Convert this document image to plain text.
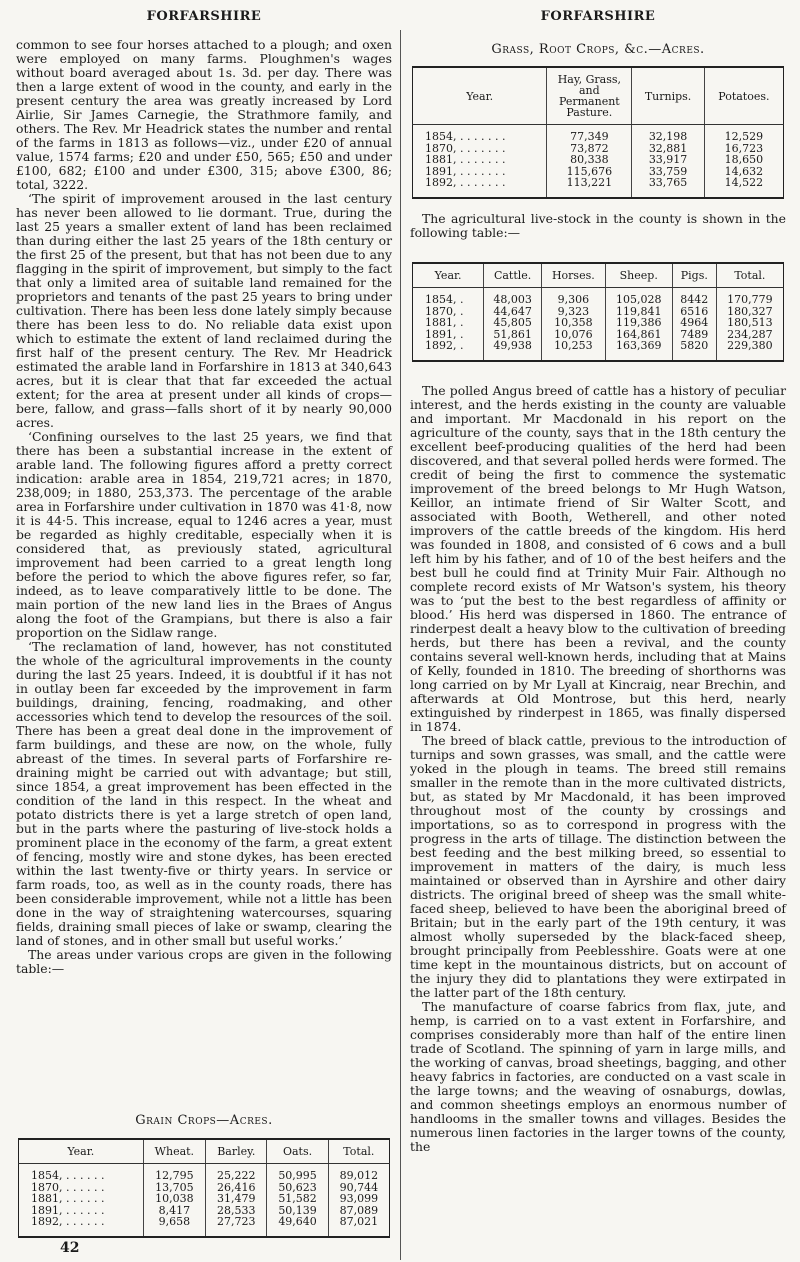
FORFARSHIRE	FORFARSHIRE

common to see four horses attached to a plough; and oxen were employed on many farms. Ploughmen's wages without board averaged about 1s. 3d. per day. There was then a large extent of wood in the county, and early in the present century the area was greatly increased by Lord Airlie, Sir James Carnegie, the Strathmore family, and others. The Rev. Mr Headrick states the number and rental of the farms in 1813 as follows—viz., under £20 of annual value, 1574 farms; £20 and under £50, 565; £50 and under £100, 682; £100 and under £300, 315; above £300, 86; total, 3222.

‘The spirit of improvement aroused in the last century has never been allowed to lie dormant. True, during the last 25 years a smaller extent of land has been reclaimed than during either the last 25 years of the 18th century or the first 25 of the present, but that has not been due to any flagging in the spirit of improvement, but simply to the fact that only a limited area of suitable land remained for the proprietors and tenants of the past 25 years to bring under cultivation. There has been less done lately simply because there has been less to do. No reliable data exist upon which to estimate the extent of land reclaimed during the first half of the present century. The Rev. Mr Headrick estimated the arable land in Forfarshire in 1813 at 340,643 acres, but it is clear that that far exceeded the actual extent; for the area at present under all kinds of crops—bere, fallow, and grass—falls short of it by nearly 90,000 acres.

‘Confining ourselves to the last 25 years, we find that there has been a substantial increase in the extent of arable land. The following figures afford a pretty correct indication: arable area in 1854, 219,721 acres; in 1870, 238,009; in 1880, 253,373. The percentage of the arable area in Forfarshire under cultivation in 1870 was 41·8, now it is 44·5. This increase, equal to 1246 acres a year, must be regarded as highly creditable, especially when it is considered that, as previously stated, agricultural improvement had been carried to a great length long before the period to which the above figures refer, so far, indeed, as to leave comparatively little to be done. The main portion of the new land lies in the Braes of Angus along the foot of the Grampians, but there is also a fair proportion on the Sidlaw range.

‘The reclamation of land, however, has not constituted the whole of the agricultural improvements in the county during the last 25 years. Indeed, it is doubtful if it has not in outlay been far exceeded by the improvement in farm buildings, draining, fencing, roadmaking, and other accessories which tend to develop the resources of the soil. There has been a great deal done in the improvement of farm buildings, and these are now, on the whole, fully abreast of the times. In several parts of Forfarshire re-draining might be carried out with advantage; but still, since 1854, a great improvement has been effected in the condition of the land in this respect. In the wheat and potato districts there is yet a large stretch of open land, but in the parts where the pasturing of live-stock holds a prominent place in the economy of the farm, a great extent of fencing, mostly wire and stone dykes, has been erected within the last twenty-five or thirty years. In service or farm roads, too, as well as in the county roads, there has been considerable improvement, while not a little has been done in the way of straightening watercourses, squaring fields, draining small pieces of lake or swamp, clearing the land of stones, and in other small but useful works.’

The areas under various crops are given in the following table:—

Grain Crops—Acres.

Year.	Wheat.	Barley.	Oats.	Total.
1854, . . . . . .	12,795	25,222	50,995	89,012
1870, . . . . . .	13,705	26,416	50,623	90,744
1881, . . . . . .	10,038	31,479	51,582	93,099
1891, . . . . . .	8,417	28,533	50,139	87,089
1892, . . . . . .	9,658	27,723	49,640	87,021

Grass, Root Crops, &c.—Acres.

Year.	Hay, Grass, and Permanent Pasture.	Turnips.	Potatoes.
1854, . . . . . . .	77,349	32,198	12,529
1870, . . . . . . .	73,872	32,881	16,723
1881, . . . . . . .	80,338	33,917	18,650
1891, . . . . . . .	115,676	33,759	14,632
1892, . . . . . . .	113,221	33,765	14,522

The agricultural live-stock in the county is shown in the following table:—

Year.	Cattle.	Horses.	Sheep.	Pigs.	Total.
1854, .	48,003	9,306	105,028	8442	170,779
1870, .	44,647	9,323	119,841	6516	180,327
1881, .	45,805	10,358	119,386	4964	180,513
1891, .	51,861	10,076	164,861	7489	234,287
1892, .	49,938	10,253	163,369	5820	229,380

The polled Angus breed of cattle has a history of peculiar interest, and the herds existing in the county are valuable and important. Mr Macdonald in his report on the agriculture of the county, says that in the 18th century the excellent beef-producing qualities of the herd had been discovered, and that several polled herds were formed. The credit of being the first to commence the systematic improvement of the breed belongs to Mr Hugh Watson, Keillor, an intimate friend of Sir Walter Scott, and associated with Booth, Wetherell, and other noted improvers of the cattle breeds of the kingdom. His herd was founded in 1808, and consisted of 6 cows and a bull left him by his father, and of 10 of the best heifers and the best bull he could find at Trinity Muir Fair. Although no complete record exists of Mr Watson's system, his theory was to ‘put the best to the best regardless of affinity or blood.’ His herd was dispersed in 1860. The entrance of rinderpest dealt a heavy blow to the cultivation of breeding herds, but there has been a revival, and the county contains several well-known herds, including that at Mains of Kelly, founded in 1810. The breeding of shorthorns was long carried on by Mr Lyall at Kincraig, near Brechin, and afterwards at Old Montrose, but this herd, nearly extinguished by rinderpest in 1865, was finally dispersed in 1874.

The breed of black cattle, previous to the introduction of turnips and sown grasses, was small, and the cattle were yoked in the plough in teams. The breed still remains smaller in the remote than in the more cultivated districts, but, as stated by Mr Macdonald, it has been improved throughout most of the county by crossings and importations, so as to correspond in progress with the progress in the arts of tillage. The distinction between the best feeding and the best milking breed, so essential to improvement in matters of the dairy, is much less maintained or observed than in Ayrshire and other dairy districts. The original breed of sheep was the small white-faced sheep, believed to have been the aboriginal breed of Britain; but in the early part of the 19th century, it was almost wholly superseded by the black-faced sheep, brought principally from Peeblesshire. Goats were at one time kept in the mountainous districts, but on account of the injury they did to plantations they were extirpated in the latter part of the 18th century.

The manufacture of coarse fabrics from flax, jute, and hemp, is carried on to a vast extent in Forfarshire, and comprises considerably more than half of the entire linen trade of Scotland. The spinning of yarn in large mills, and the working of canvas, broad sheetings, bagging, and other heavy fabrics in factories, are conducted on a vast scale in the large towns; and the weaving of osnaburgs, dowlas, and common sheetings employs an enormous number of handlooms in the smaller towns and villages. Besides the numerous linen factories in the larger towns of the county, the

42
